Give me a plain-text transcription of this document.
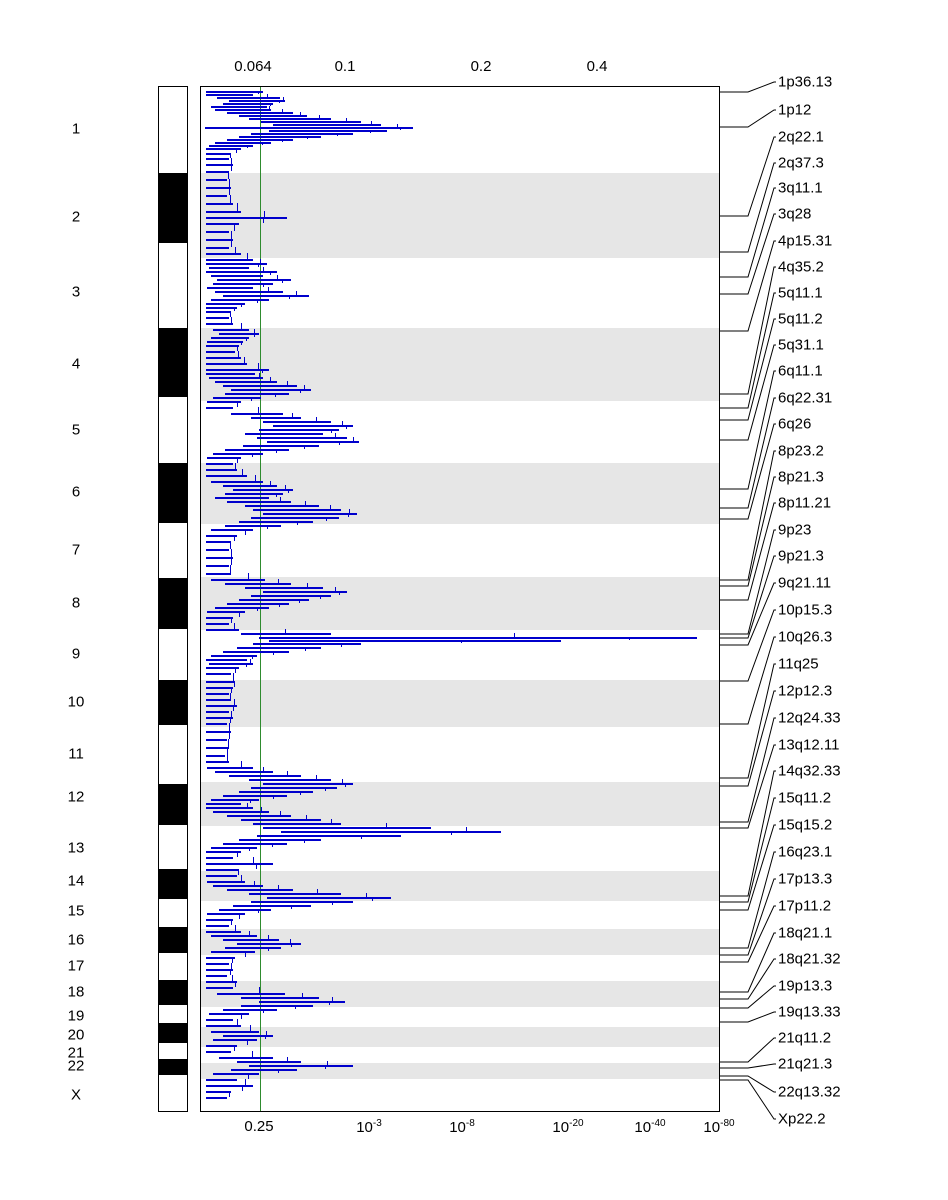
0.064	0.1	0.2	0.4
0.25	$10^{-3}$	$10^{-8}$	$10^{-20}$	$10^{-40}$	$10^{-80}$
1
2
3
4
5
6
7
8
9
10
11
12
13
14
15
16
17
18
19
20
21
22
X
1p36.13
1p12
2q22.1
2q37.3
3q11.1
3q28
4p15.31
4q35.2
5q11.1
5q11.2
5q31.1
6q11.1
6q22.31
6q26
8p23.2
8p21.3
8p11.21
9p23
9p21.3
9q21.11
10p15.3
10q26.3
11q25
12p12.3
12q24.33
13q12.11
14q32.33
15q11.2
15q15.2
16q23.1
17p13.3
17p11.2
18q21.1
18q21.32
19p13.3
19q13.33
21q11.2
21q21.3
22q13.32
Xp22.2
